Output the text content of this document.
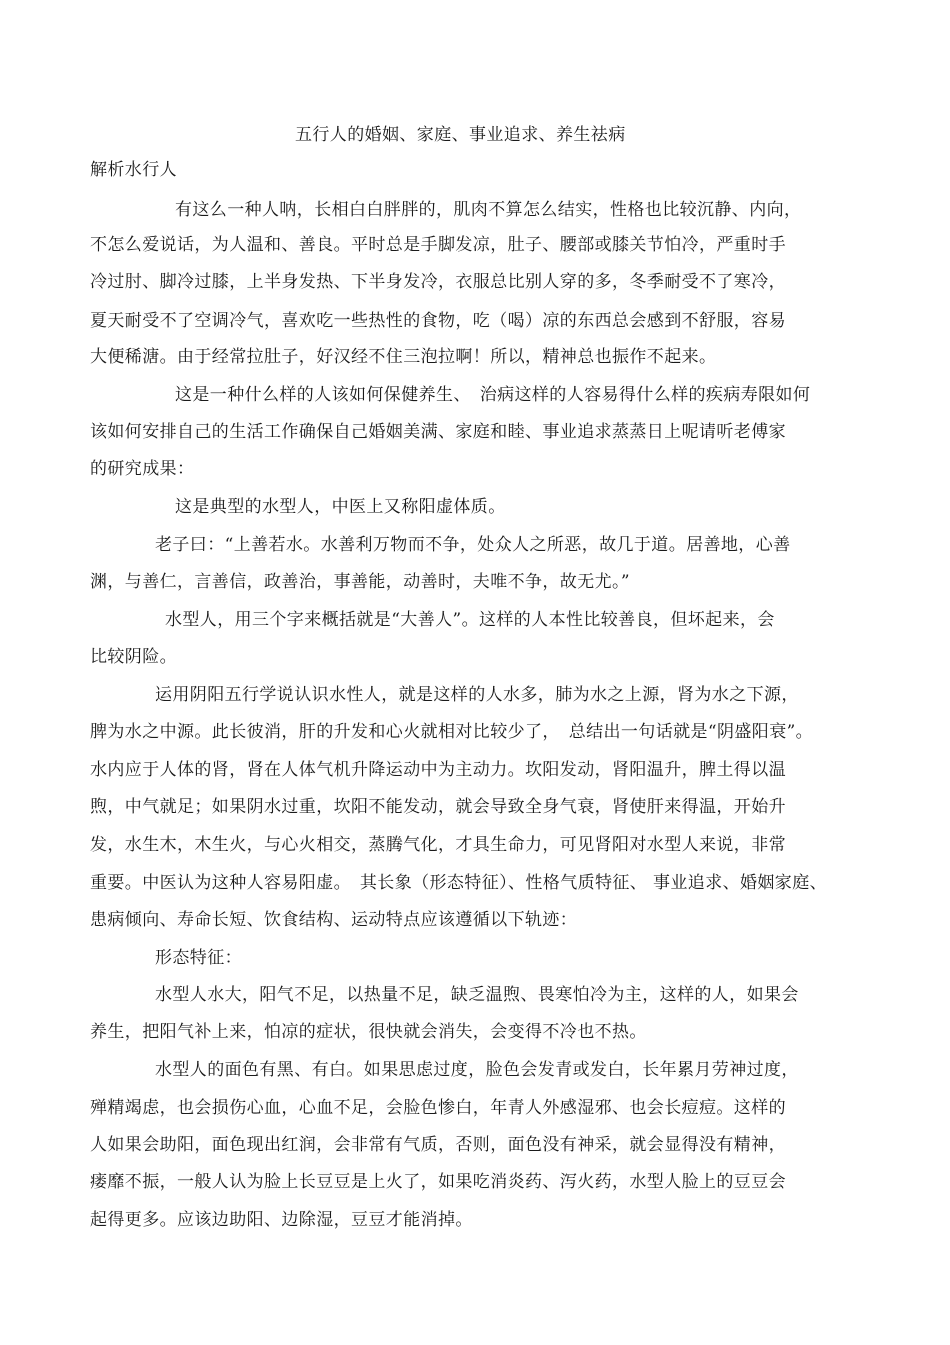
五行人的婚姻、家庭、事业追求、养生祛病
解析水行人
有这么一种人呐，长相白白胖胖的，肌肉不算怎么结实，性格也比较沉静、内向，
不怎么爱说话，为人温和、善良。平时总是手脚发凉，肚子、腰部或膝关节怕冷，严重时手
冷过肘、脚冷过膝，上半身发热、下半身发冷，衣服总比别人穿的多，冬季耐受不了寒冷，
夏天耐受不了空调冷气，喜欢吃一些热性的食物，吃（喝）凉的东西总会感到不舒服，容易
大便稀溏。由于经常拉肚子，好汉经不住三泡拉啊！所以，精神总也振作不起来。
这是一种什么样的人该如何保健养生、　治病这样的人容易得什么样的疾病寿限如何
该如何安排自己的生活工作确保自己婚姻美满、家庭和睦、事业追求蒸蒸日上呢请听老傅家
的研究成果：
这是典型的水型人，中医上又称阳虚体质。
老子曰：“上善若水。水善利万物而不争，处众人之所恶，故几于道。居善地，心善
渊，与善仁，言善信，政善治，事善能，动善时，夫唯不争，故无尤。”
水型人，用三个字来概括就是“大善人”。这样的人本性比较善良，但坏起来，会
比较阴险。
运用阴阳五行学说认识水性人，就是这样的人水多，肺为水之上源，肾为水之下源，
脾为水之中源。此长彼消，肝的升发和心火就相对比较少了，　总结出一句话就是“阴盛阳衰”。
水内应于人体的肾，肾在人体气机升降运动中为主动力。坎阳发动，肾阳温升，脾土得以温
煦，中气就足；如果阴水过重，坎阳不能发动，就会导致全身气衰，肾使肝来得温，开始升
发，水生木，木生火，与心火相交，蒸腾气化，才具生命力，可见肾阳对水型人来说，非常
重要。中医认为这种人容易阳虚。　其长象（形态特征）、性格气质特征、 事业追求、婚姻家庭、
患病倾向、寿命长短、饮食结构、运动特点应该遵循以下轨迹：
形态特征：
水型人水大，阳气不足，以热量不足，缺乏温煦、畏寒怕冷为主，这样的人，如果会
养生，把阳气补上来，怕凉的症状，很快就会消失，会变得不冷也不热。
水型人的面色有黑、有白。如果思虑过度，脸色会发青或发白，长年累月劳神过度，
殚精竭虑，也会损伤心血，心血不足，会脸色惨白，年青人外感湿邪、也会长痘痘。这样的
人如果会助阳，面色现出红润，会非常有气质，否则，面色没有神采，就会显得没有精神，
瘘靡不振，一般人认为脸上长豆豆是上火了，如果吃消炎药、泻火药，水型人脸上的豆豆会
起得更多。应该边助阳、边除湿，豆豆才能消掉。
